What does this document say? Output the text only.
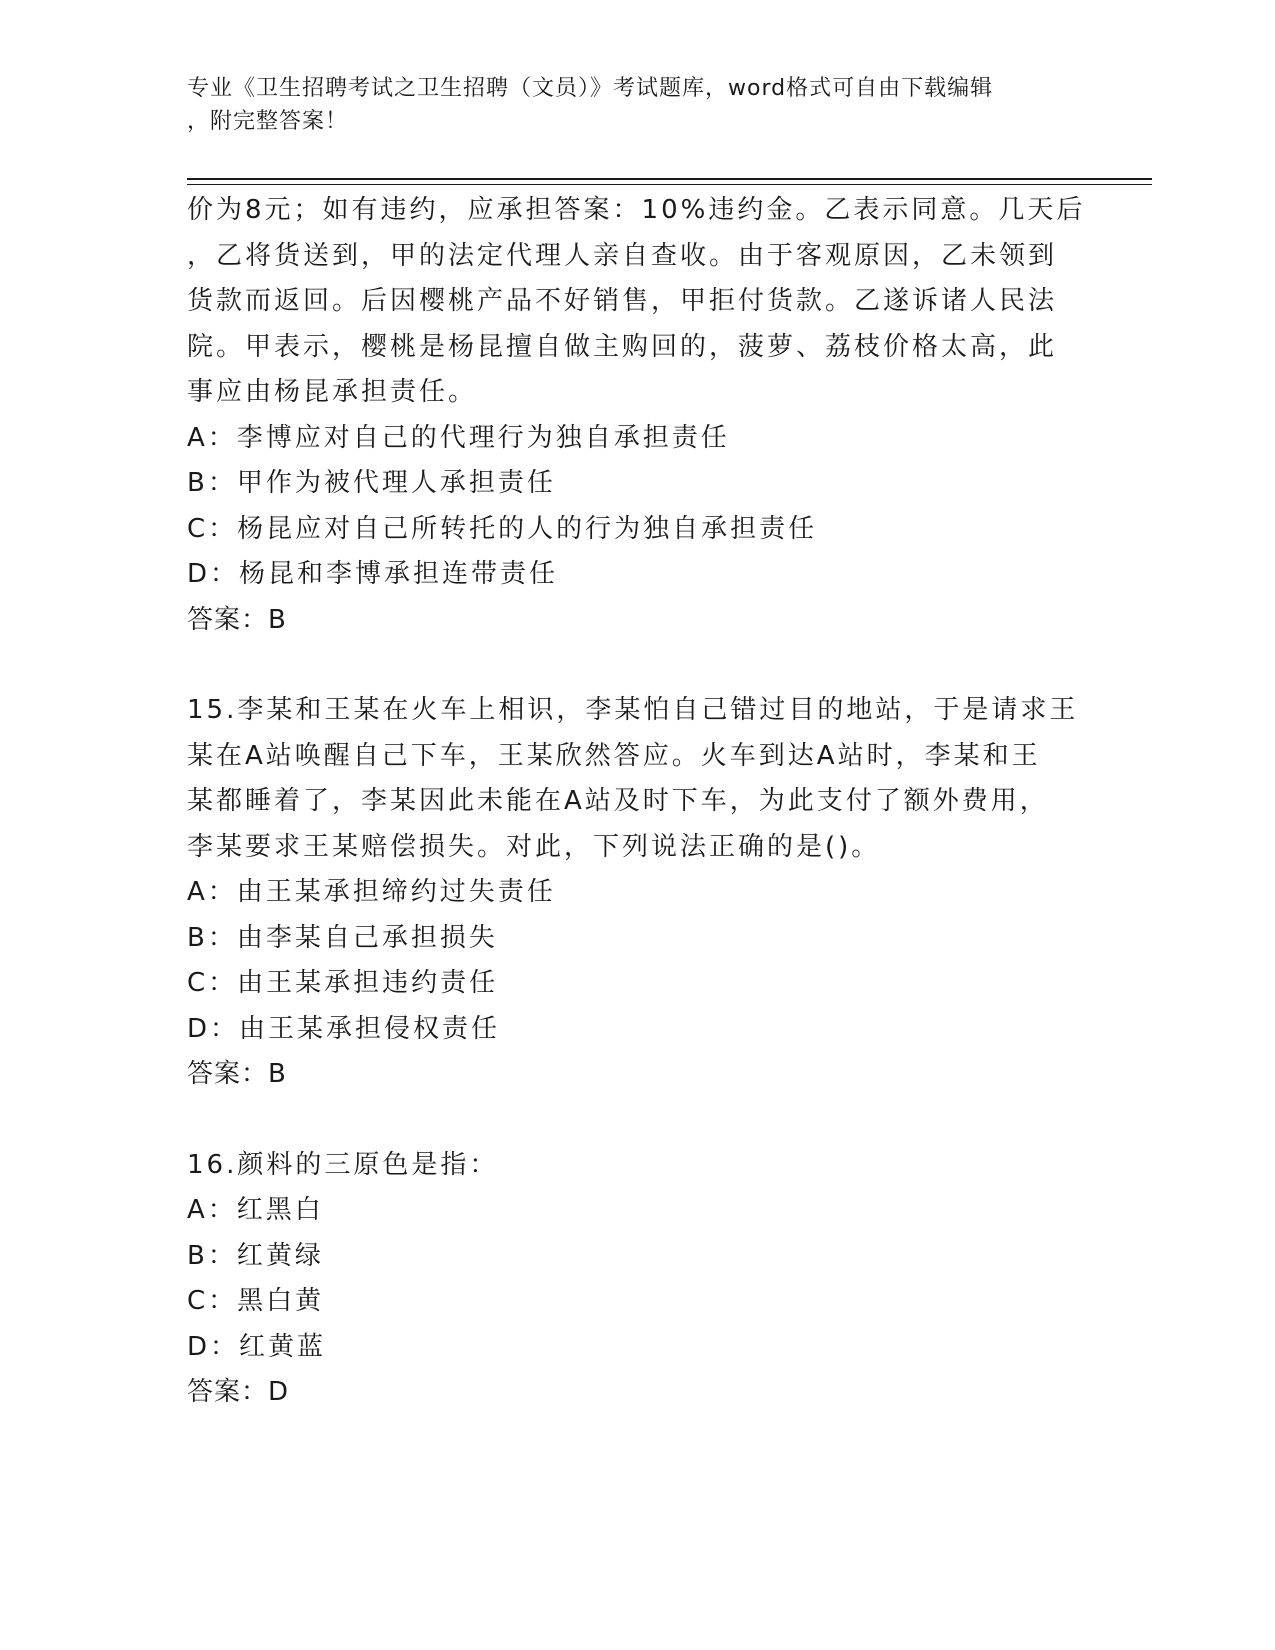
专业《卫生招聘考试之卫生招聘（文员）》考试题库，word格式可自由下载编辑
，附完整答案！
价为8元；如有违约，应承担答案：10%违约金。乙表示同意。几天后
，乙将货送到，甲的法定代理人亲自查收。由于客观原因，乙未领到
货款而返回。后因樱桃产品不好销售，甲拒付货款。乙遂诉诸人民法
院。甲表示，樱桃是杨昆擅自做主购回的，菠萝、荔枝价格太高，此
事应由杨昆承担责任。
A：李博应对自己的代理行为独自承担责任
B：甲作为被代理人承担责任
C：杨昆应对自己所转托的人的行为独自承担责任
D：杨昆和李博承担连带责任
答案：B
15.李某和王某在火车上相识，李某怕自己错过目的地站，于是请求王
某在A站唤醒自己下车，王某欣然答应。火车到达A站时，李某和王
某都睡着了，李某因此未能在A站及时下车，为此支付了额外费用，
李某要求王某赔偿损失。对此，下列说法正确的是()。
A：由王某承担缔约过失责任
B：由李某自己承担损失
C：由王某承担违约责任
D：由王某承担侵权责任
答案：B
16.颜料的三原色是指：
A：红黑白
B：红黄绿
C：黑白黄
D：红黄蓝
答案：D
